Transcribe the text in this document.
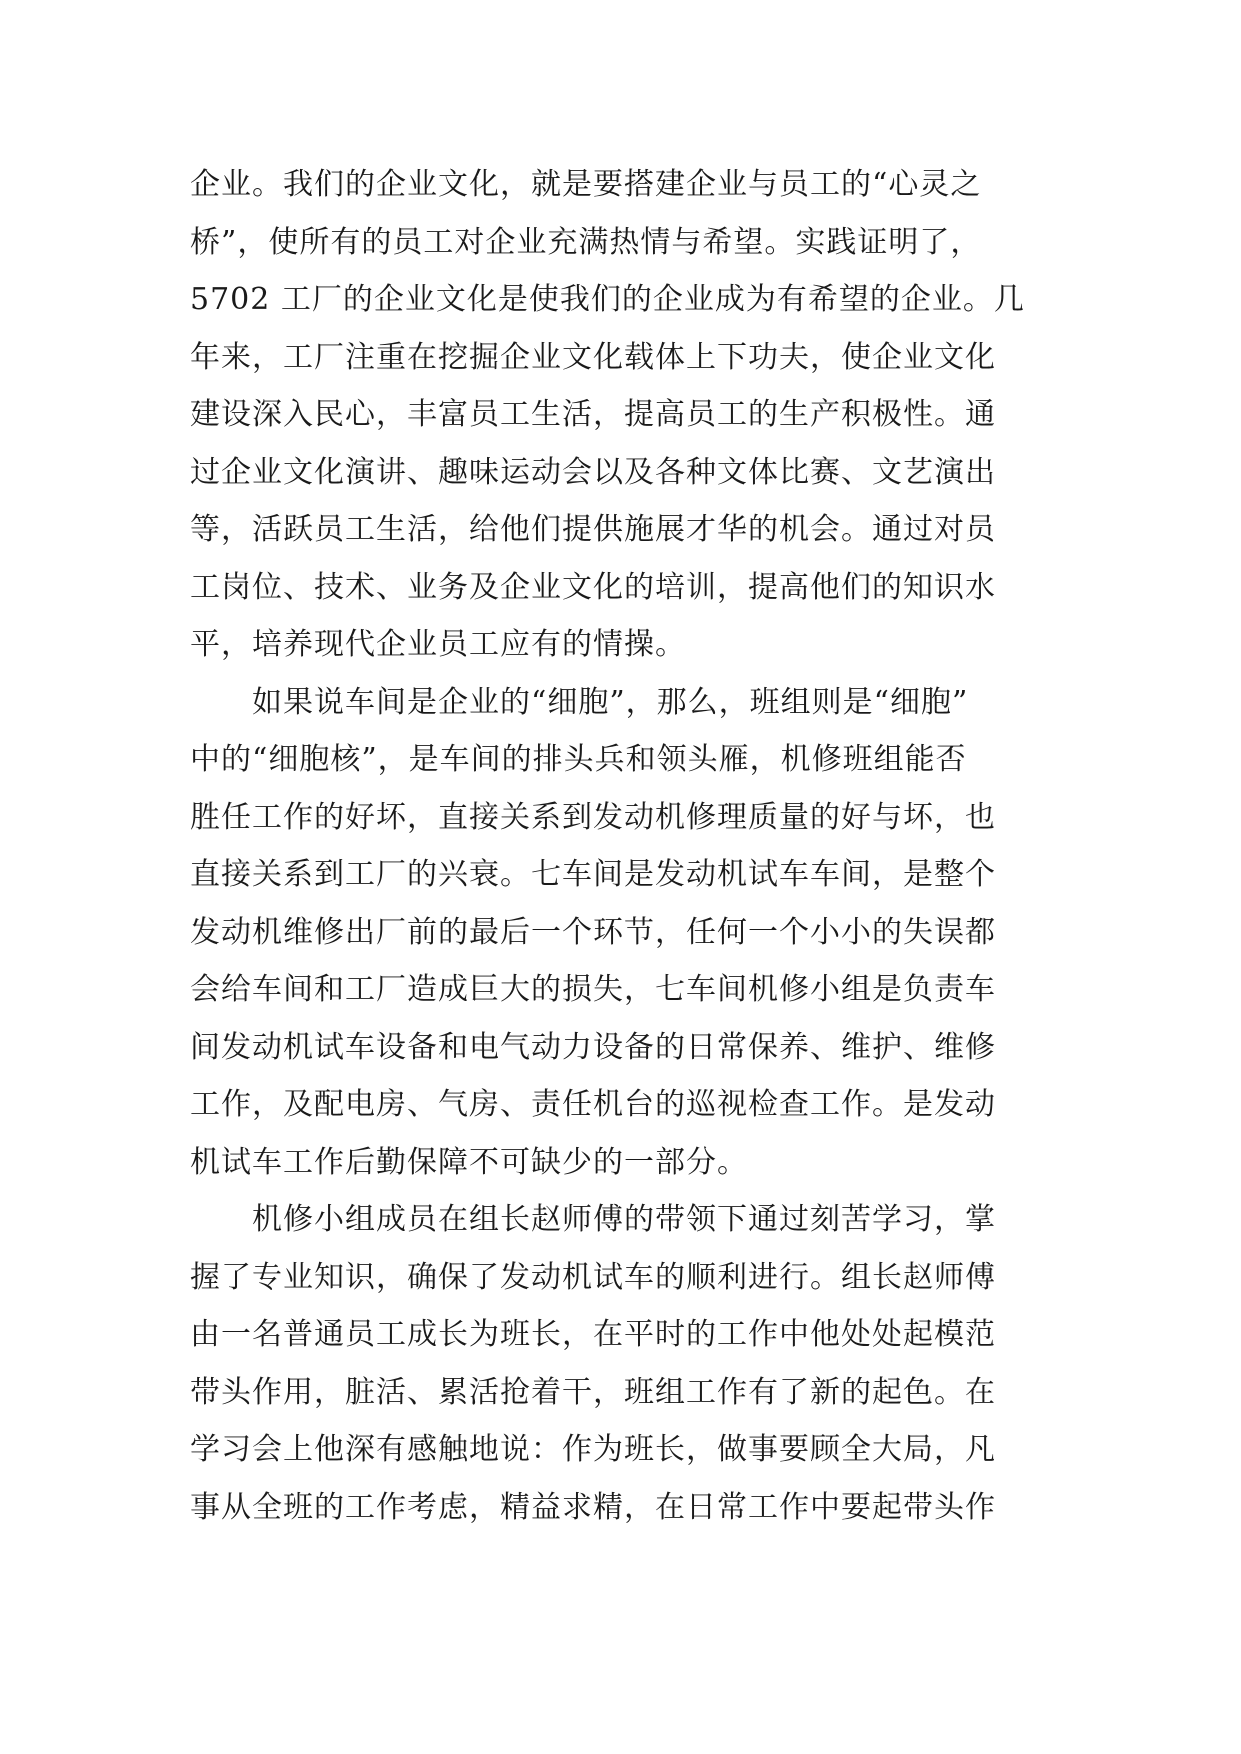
企业。我们的企业文化，就是要搭建企业与员工的“心灵之
桥”，使所有的员工对企业充满热情与希望。实践证明了，
5702 工厂的企业文化是使我们的企业成为有希望的企业。几
年来，工厂注重在挖掘企业文化载体上下功夫，使企业文化
建设深入民心，丰富员工生活，提高员工的生产积极性。通
过企业文化演讲、趣味运动会以及各种文体比赛、文艺演出
等，活跃员工生活，给他们提供施展才华的机会。通过对员
工岗位、技术、业务及企业文化的培训，提高他们的知识水
平，培养现代企业员工应有的情操。
　　如果说车间是企业的“细胞”，那么，班组则是“细胞”
中的“细胞核”，是车间的排头兵和领头雁，机修班组能否
胜任工作的好坏，直接关系到发动机修理质量的好与坏，也
直接关系到工厂的兴衰。七车间是发动机试车车间，是整个
发动机维修出厂前的最后一个环节，任何一个小小的失误都
会给车间和工厂造成巨大的损失，七车间机修小组是负责车
间发动机试车设备和电气动力设备的日常保养、维护、维修
工作，及配电房、气房、责任机台的巡视检查工作。是发动
机试车工作后勤保障不可缺少的一部分。
　　机修小组成员在组长赵师傅的带领下通过刻苦学习，掌
握了专业知识，确保了发动机试车的顺利进行。组长赵师傅
由一名普通员工成长为班长，在平时的工作中他处处起模范
带头作用，脏活、累活抢着干，班组工作有了新的起色。在
学习会上他深有感触地说：作为班长，做事要顾全大局，凡
事从全班的工作考虑，精益求精，在日常工作中要起带头作
